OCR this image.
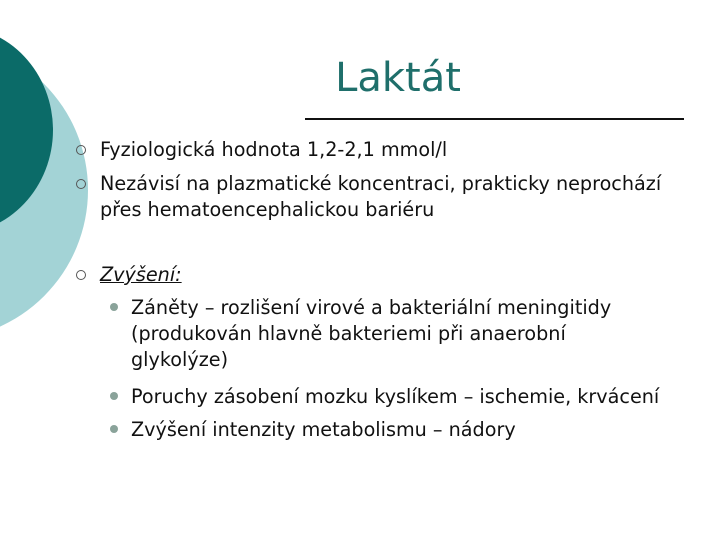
Laktát
Fyziologická hodnota 1,2-2,1 mmol/l
Nezávisí na plazmatické koncentraci, prakticky neprochází
přes hematoencephalickou bariéru
Zvýšení:
Záněty – rozlišení virové a bakteriální meningitidy
(produkován hlavně bakteriemi při anaerobní
glykolýze)
Poruchy zásobení mozku kyslíkem – ischemie, krvácení
Zvýšení intenzity metabolismu – nádory
